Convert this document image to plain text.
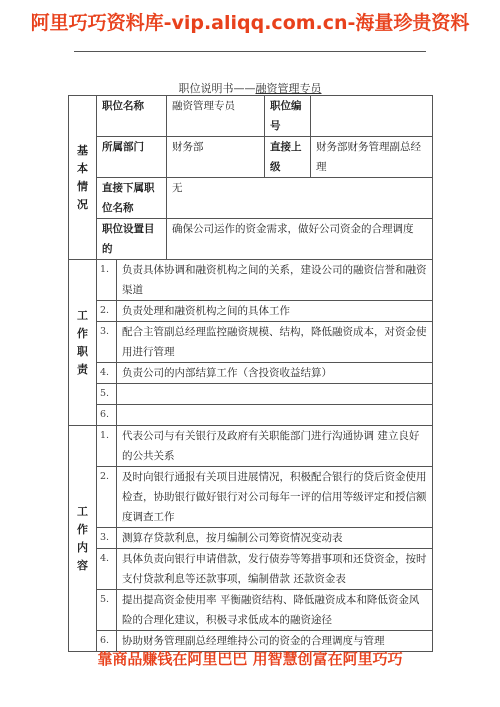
阿里巧巧资料库-vip.aliqq.com.cn-海量珍贵资料
职位说明书——融资管理专员
基
本
情
况	职位名称		融资管理专员	职位编号	
	所属部门		财务部	直接上级	财务部财务管理副总经理
	直接下属职位名称		无		
	职位设置目的		确保公司运作的资金需求，做好公司资金的合理调度		

工
作
职
责	1.	负责具体协调和融资机构之间的关系，建设公司的融资信誉和融资渠道			
	2.	负责处理和融资机构之间的具体工作			
	3.	配合主管副总经理监控融资规模、结构，降低融资成本，对资金使用进行管理			
	4.	负责公司的内部结算工作（含投资收益结算）			
	5.				
	6.				

工
作
内
容	1.	代表公司与有关银行及政府有关职能部门进行沟通协调 建立良好的公共关系			
	2.	及时向银行通报有关项目进展情况，积极配合银行的贷后资金使用检查，协助银行做好银行对公司每年一评的信用等级评定和授信额度调查工作			
	3.	测算存贷款利息，按月编制公司筹资情况变动表			
	4.	具体负责向银行申请借款，发行债券等筹措事项和还贷资金，按时支付贷款利息等还款事项，编制借款 还款资金表			
	5.	提出提高资金使用率 平衡融资结构、降低融资成本和降低资金风险的合理化建议，积极寻求低成本的融资途径			
	6.	协助财务管理副总经理维持公司的资金的合理调度与管理			
靠商品赚钱在阿里巴巴 用智慧创富在阿里巧巧
